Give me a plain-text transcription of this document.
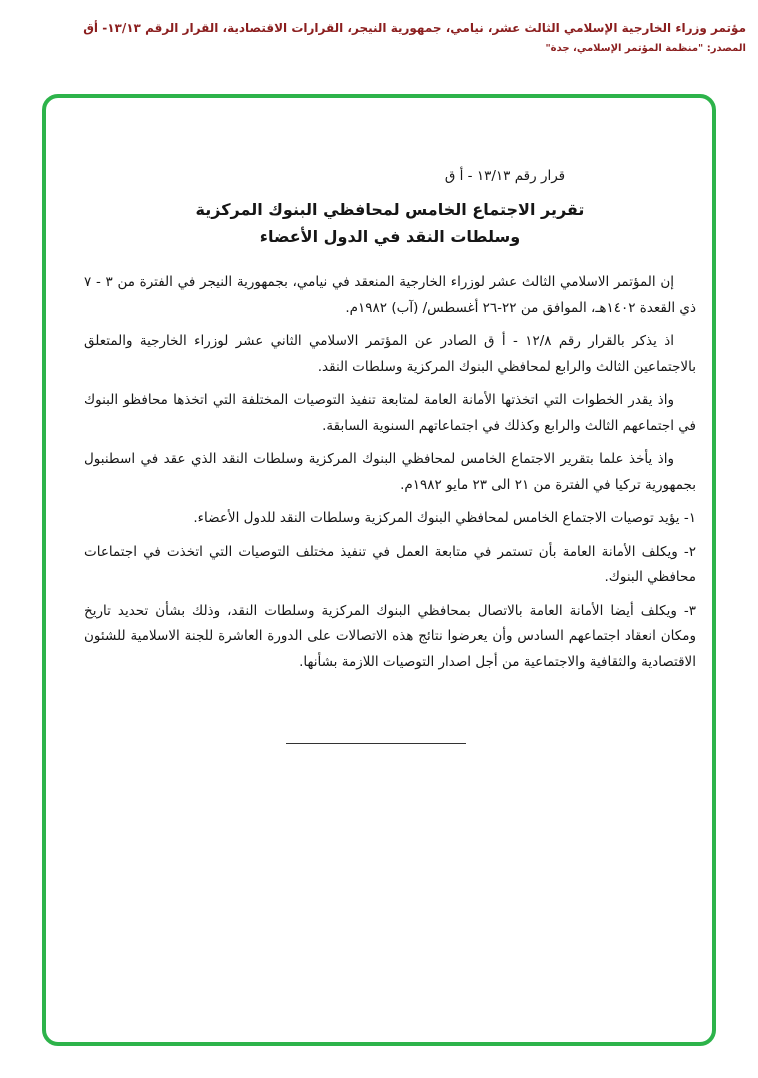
مؤتمر وزراء الخارجية الإسلامي الثالث عشر، نيامي، جمهورية النيجر، القرارات الاقتصادية، القرار الرقم ١٣/١٣- أق
المصدر: "منظمة المؤتمر الإسلامي، جدة"
قرار رقم ١٣/١٣ - أ ق
تقرير الاجتماع الخامس لمحافظي البنوك المركزية
وسلطات النقد في الدول الأعضاء

إن المؤتمر الاسلامي الثالث عشر لوزراء الخارجية المنعقد في نيامي، بجمهورية النيجر في الفترة من ٣ - ٧ ذي القعدة ١٤٠٢هـ، الموافق من ٢٢-٢٦ أغسطس/ (آب) ١٩٨٢م.

اذ يذكر بالقرار رقم ١٢/٨ - أ ق الصادر عن المؤتمر الاسلامي الثاني عشر لوزراء الخارجية والمتعلق بالاجتماعين الثالث والرابع لمحافظي البنوك المركزية وسلطات النقد.

واذ يقدر الخطوات التي اتخذتها الأمانة العامة لمتابعة تنفيذ التوصيات المختلفة التي اتخذها محافظو البنوك في اجتماعهم الثالث والرابع وكذلك في اجتماعاتهم السنوية السابقة.

واذ يأخذ علما بتقرير الاجتماع الخامس لمحافظي البنوك المركزية وسلطات النقد الذي عقد في اسطنبول بجمهورية تركيا في الفترة من ٢١ الى ٢٣ مايو ١٩٨٢م.

١- يؤيد توصيات الاجتماع الخامس لمحافظي البنوك المركزية وسلطات النقد للدول الأعضاء.

٢- ويكلف الأمانة العامة بأن تستمر في متابعة العمل في تنفيذ مختلف التوصيات التي اتخذت في اجتماعات محافظي البنوك.

٣- ويكلف أيضا الأمانة العامة بالاتصال بمحافظي البنوك المركزية وسلطات النقد، وذلك بشأن تحديد تاريخ ومكان انعقاد اجتماعهم السادس وأن يعرضوا نتائج هذه الاتصالات على الدورة العاشرة للجنة الاسلامية للشئون الاقتصادية والثقافية والاجتماعية من أجل اصدار التوصيات اللازمة بشأنها.
